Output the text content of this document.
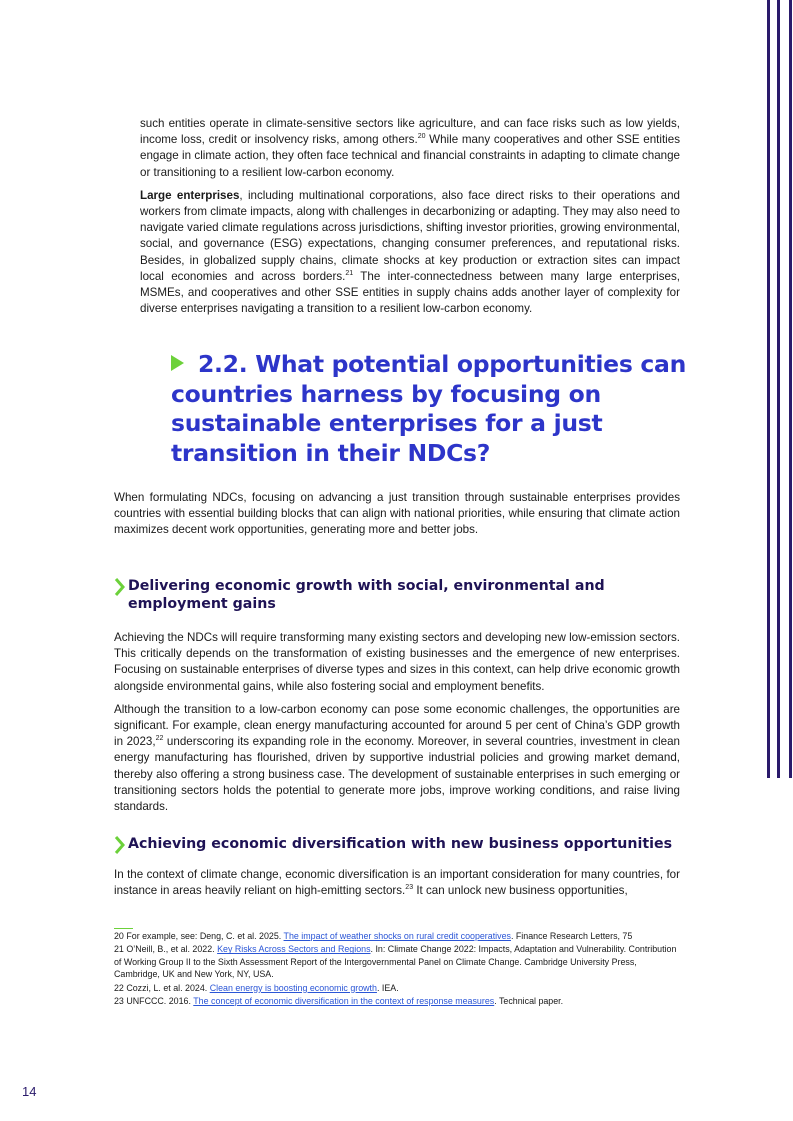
such entities operate in climate-sensitive sectors like agriculture, and can face risks such as low yields, income loss, credit or insolvency risks, among others.$^{20}$ While many cooperatives and other SSE entities engage in climate action, they often face technical and financial constraints in adapting to climate change or transitioning to a resilient low-carbon economy.

Large enterprises, including multinational corporations, also face direct risks to their operations and workers from climate impacts, along with challenges in decarbonizing or adapting. They may also need to navigate varied climate regulations across jurisdictions, shifting investor priorities, growing environmental, social, and governance (ESG) expectations, changing consumer preferences, and reputational risks. Besides, in globalized supply chains, climate shocks at key production or extraction sites can impact local economies and across borders.$^{21}$ The inter-connectedness between many large enterprises, MSMEs, and cooperatives and other SSE entities in supply chains adds another layer of complexity for diverse enterprises navigating a transition to a resilient low-carbon economy.

2.2. What potential opportunities can countries harness by focusing on sustainable enterprises for a just transition in their NDCs?

When formulating NDCs, focusing on advancing a just transition through sustainable enterprises provides countries with essential building blocks that can align with national priorities, while ensuring that climate action maximizes decent work opportunities, generating more and better jobs.

Delivering economic growth with social, environmental and employment gains

Achieving the NDCs will require transforming many existing sectors and developing new low-emission sectors. This critically depends on the transformation of existing businesses and the emergence of new enterprises. Focusing on sustainable enterprises of diverse types and sizes in this context, can help drive economic growth alongside environmental gains, while also fostering social and employment benefits.

Although the transition to a low-carbon economy can pose some economic challenges, the opportunities are significant. For example, clean energy manufacturing accounted for around 5 per cent of China’s GDP growth in 2023,22 underscoring its expanding role in the economy. Moreover, in several countries, investment in clean energy manufacturing has flourished, driven by supportive industrial policies and growing market demand, thereby also offering a strong business case. The development of sustainable enterprises in such emerging or transitioning sectors holds the potential to generate more jobs, improve working conditions, and raise living standards.

Achieving economic diversification with new business opportunities

In the context of climate change, economic diversification is an important consideration for many countries, for instance in areas heavily reliant on high-emitting sectors.$^{23}$ It can unlock new business opportunities,

20 For example, see: Deng, C. et al. 2025. The impact of weather shocks on rural credit cooperatives. Finance Research Letters, 75
21 O’Neill, B., et al. 2022. Key Risks Across Sectors and Regions. In: Climate Change 2022: Impacts, Adaptation and Vulnerability. Contribution of Working Group II to the Sixth Assessment Report of the Intergovernmental Panel on Climate Change. Cambridge University Press, Cambridge, UK and New York, NY, USA.
22 Cozzi, L. et al. 2024. Clean energy is boosting economic growth. IEA.
23 UNFCCC. 2016. The concept of economic diversification in the context of response measures. Technical paper.
14
